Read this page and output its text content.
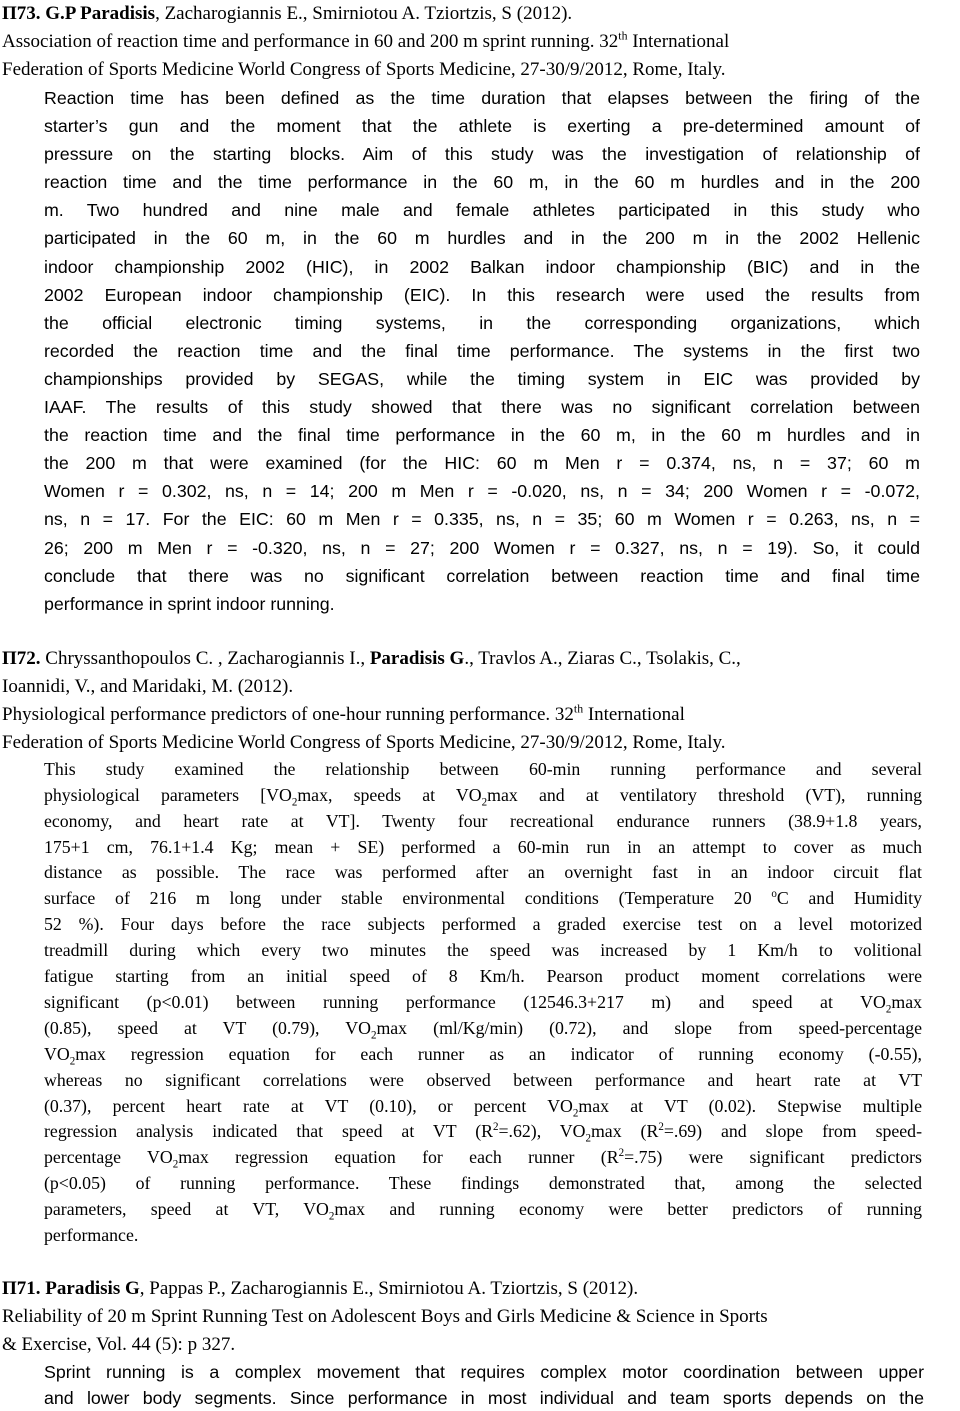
Π73. G.P Paradisis, Zacharogiannis E., Smirniotou A. Tziortzis, S (2012).

Association of reaction time and performance in 60 and 200 m sprint running. 32th International
Federation of Sports Medicine World Congress of Sports Medicine, 27-30/9/2012, Rome, Italy.

Reaction time has been defined as the time duration that elapses between the firing of the
starter’s gun and the moment that the athlete is exerting a pre-determined amount of
pressure on the starting blocks. Aim of this study was the investigation of relationship of
reaction time and the time performance in the 60 m, in the 60 m hurdles and in the 200
m. Two hundred and nine male and female athletes participated in this study who
participated in the 60 m, in the 60 m hurdles and in the 200 m in the 2002 Hellenic
indoor championship 2002 (HIC), in 2002 Balkan indoor championship (BIC) and in the
2002 European indoor championship (EIC). In this research were used the results from
the official electronic timing systems, in the corresponding organizations, which
recorded the reaction time and the final time performance. The systems in the first two
championships provided by SEGAS, while the timing system in EIC was provided by
IAAF. The results of this study showed that there was no significant correlation between
the reaction time and the final time performance in the 60 m, in the 60 m hurdles and in
the 200 m that were examined (for the HIC: 60 m Men r = 0.374, ns, n = 37; 60 m
Women r = 0.302, ns, n = 14; 200 m Men r = -0.020, ns, n = 34; 200 Women r = -0.072,
ns, n = 17. For the EIC: 60 m Men r = 0.335, ns, n = 35; 60 m Women r = 0.263, ns, n =
26; 200 m Men r = -0.320, ns, n = 27; 200 Women r = 0.327, ns, n = 19). So, it could
conclude that there was no significant correlation between reaction time and final time
performance in sprint indoor running.

Π72. Chryssanthopoulos C. , Zacharogiannis I., Paradisis G., Travlos A., Ziaras C., Tsolakis, C.,
Ioannidi, V., and Maridaki, M. (2012).

Physiological performance predictors of one-hour running performance. 32th International
Federation of Sports Medicine World Congress of Sports Medicine, 27-30/9/2012, Rome, Italy.

This study examined the relationship between 60-min running performance and several
physiological parameters [$VO_2\max$, speeds at $VO_2\max$ and at ventilatory threshold (VT), running
economy, and heart rate at VT]. Twenty four recreational endurance runners (38.9+1.8 years,
175+1 cm, 76.1+1.4 Kg; mean + SE) performed a 60-min run in an attempt to cover as much
distance as possible. The race was performed after an overnight fast in an indoor circuit flat
surface of 216 m long under stable environmental conditions (Temperature 20 $^o$C and Humidity
52 %). Four days before the race subjects performed a graded exercise test on a level motorized
treadmill during which every two minutes the speed was increased by 1 Km/h to volitional
fatigue starting from an initial speed of 8 Km/h. Pearson product moment correlations were
significant (p<0.01) between running performance (12546.3+217 m) and speed at $VO_2\max$
(0.85), speed at VT (0.79), $VO_2\max$ (ml/Kg/min) (0.72), and slope from speed-percentage
$VO_2\max$ regression equation for each runner as an indicator of running economy (-0.55),
whereas no significant correlations were observed between performance and heart rate at VT
(0.37), percent heart rate at VT (0.10), or percent $VO_2\max$ at VT (0.02). Stepwise multiple
regression analysis indicated that speed at VT $(R^2=.62)$, $VO_2\max$ $(R^2=.69)$ and slope from speed-
percentage $VO_2\max$ regression equation for each runner $(R^2=.75)$ were significant predictors
(p<0.05) of running performance. These findings demonstrated that, among the selected
parameters, speed at VT, $VO_2\max$ and running economy were better predictors of running
performance.

Π71. Paradisis G, Pappas P., Zacharogiannis E., Smirniotou A. Tziortzis, S (2012).

Reliability of 20 m Sprint Running Test on Adolescent Boys and Girls Medicine & Science in Sports
& Exercise, Vol. 44 (5): p 327.

Sprint running is a complex movement that requires complex motor coordination between upper
and lower body segments. Since performance in most individual and team sports depends on the
